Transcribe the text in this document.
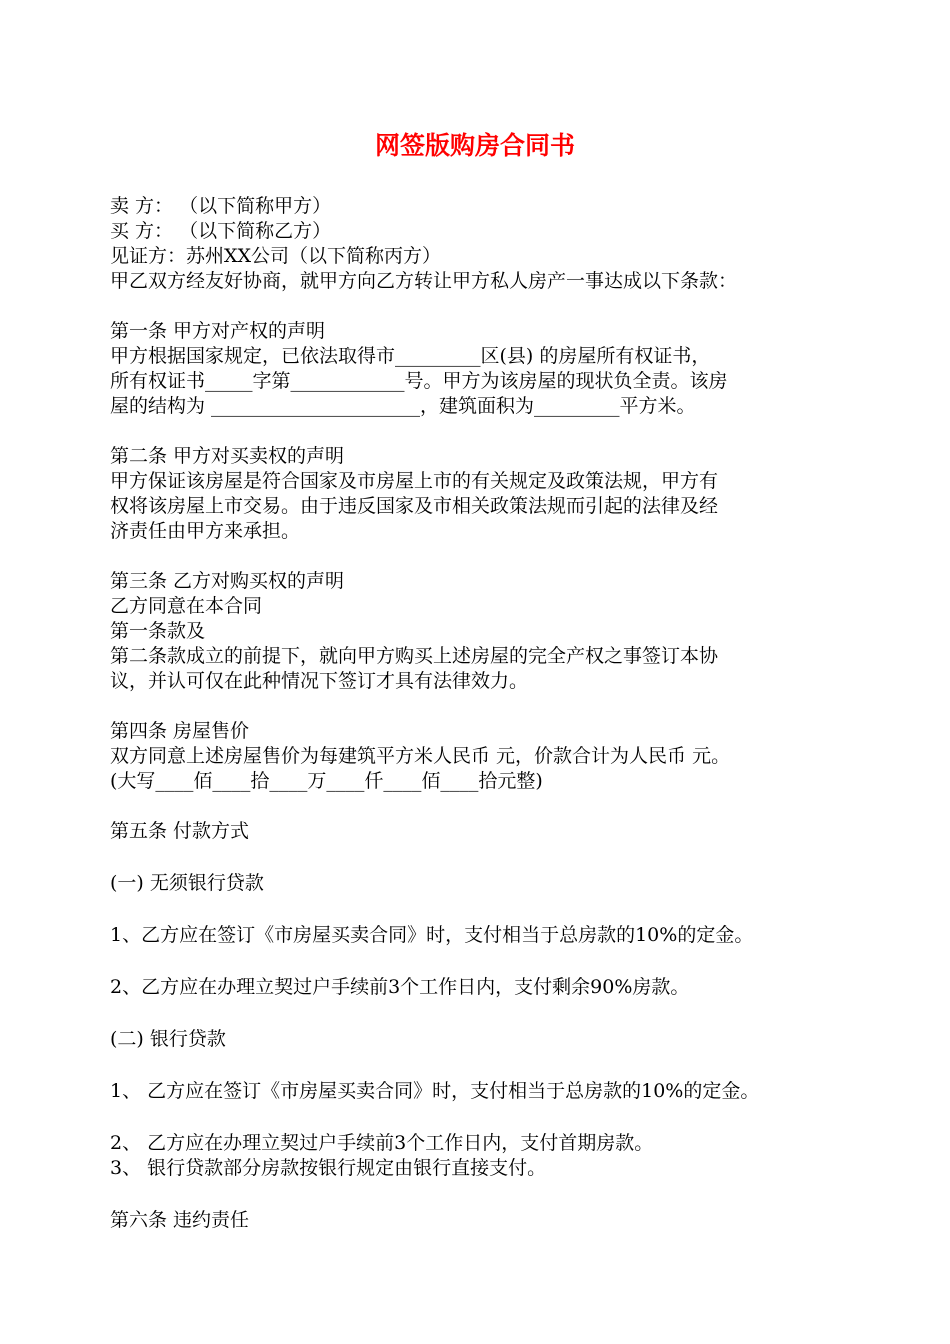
网签版购房合同书
卖 方： （以下简称甲方）
买 方： （以下简称乙方）
见证方：苏州XX公司（以下简称丙方）
甲乙双方经友好协商，就甲方向乙方转让甲方私人房产一事达成以下条款：
第一条 甲方对产权的声明
甲方根据国家规定，已依法取得市_________区(县) 的房屋所有权证书，
所有权证书_____字第____________号。甲方为该房屋的现状负全责。该房
屋的结构为 ______________________，建筑面积为_________平方米。
第二条 甲方对买卖权的声明
甲方保证该房屋是符合国家及市房屋上市的有关规定及政策法规，甲方有
权将该房屋上市交易。由于违反国家及市相关政策法规而引起的法律及经
济责任由甲方来承担。
第三条 乙方对购买权的声明
乙方同意在本合同
第一条款及
第二条款成立的前提下，就向甲方购买上述房屋的完全产权之事签订本协
议，并认可仅在此种情况下签订才具有法律效力。
第四条 房屋售价
双方同意上述房屋售价为每建筑平方米人民币 元，价款合计为人民币 元。
(大写____佰____拾____万____仟____佰____拾元整)
第五条 付款方式
(一) 无须银行贷款
1、乙方应在签订《市房屋买卖合同》时，支付相当于总房款的10%的定金。
2、乙方应在办理立契过户手续前3个工作日内，支付剩余90%房款。
(二) 银行贷款
1、 乙方应在签订《市房屋买卖合同》时，支付相当于总房款的10%的定金。
2、 乙方应在办理立契过户手续前3个工作日内，支付首期房款。
3、 银行贷款部分房款按银行规定由银行直接支付。
第六条 违约责任
